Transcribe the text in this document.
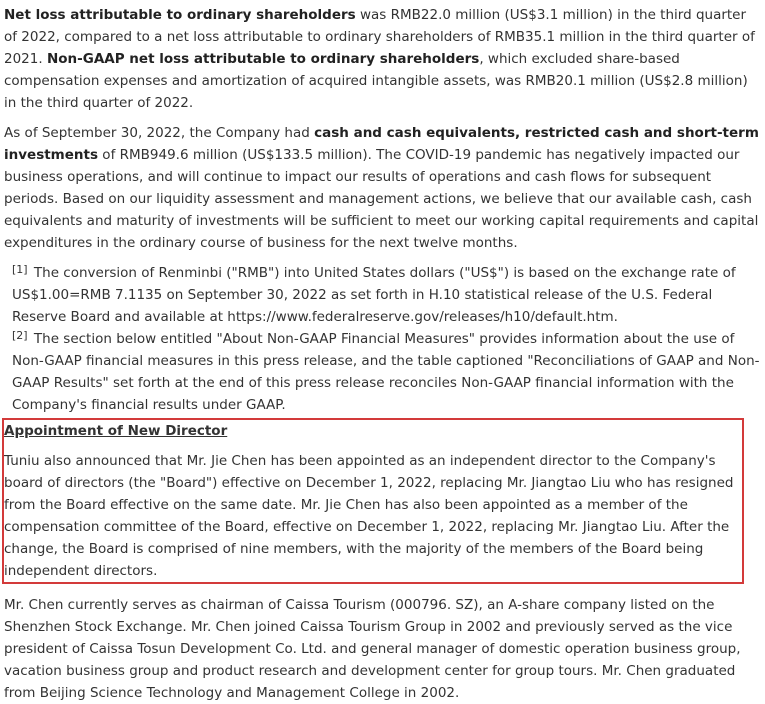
Net loss attributable to ordinary shareholders was RMB22.0 million (US$3.1 million) in the third quarter of 2022, compared to a net loss attributable to ordinary shareholders of RMB35.1 million in the third quarter of 2021. Non-GAAP net loss attributable to ordinary shareholders, which excluded share-based compensation expenses and amortization of acquired intangible assets, was RMB20.1 million (US$2.8 million) in the third quarter of 2022.

As of September 30, 2022, the Company had cash and cash equivalents, restricted cash and short-term investments of RMB949.6 million (US$133.5 million). The COVID-19 pandemic has negatively impacted our business operations, and will continue to impact our results of operations and cash flows for subsequent periods. Based on our liquidity assessment and management actions, we believe that our available cash, cash equivalents and maturity of investments will be sufficient to meet our working capital requirements and capital expenditures in the ordinary course of business for the next twelve months.

[1] The conversion of Renminbi ("RMB") into United States dollars ("US$") is based on the exchange rate of US$1.00=RMB 7.1135 on September 30, 2022 as set forth in H.10 statistical release of the U.S. Federal Reserve Board and available at https://www.federalreserve.gov/releases/h10/default.htm.

[2] The section below entitled "About Non-GAAP Financial Measures" provides information about the use of Non-GAAP financial measures in this press release, and the table captioned "Reconciliations of GAAP and Non-GAAP Results" set forth at the end of this press release reconciles Non-GAAP financial information with the Company's financial results under GAAP.

Appointment of New Director

Tuniu also announced that Mr. Jie Chen has been appointed as an independent director to the Company's board of directors (the "Board") effective on December 1, 2022, replacing Mr. Jiangtao Liu who has resigned from the Board effective on the same date. Mr. Jie Chen has also been appointed as a member of the compensation committee of the Board, effective on December 1, 2022, replacing Mr. Jiangtao Liu. After the change, the Board is comprised of nine members, with the majority of the members of the Board being independent directors.

Mr. Chen currently serves as chairman of Caissa Tourism (000796. SZ), an A-share company listed on the Shenzhen Stock Exchange. Mr. Chen joined Caissa Tourism Group in 2002 and previously served as the vice president of Caissa Tosun Development Co. Ltd. and general manager of domestic operation business group, vacation business group and product research and development center for group tours. Mr. Chen graduated from Beijing Science Technology and Management College in 2002.
